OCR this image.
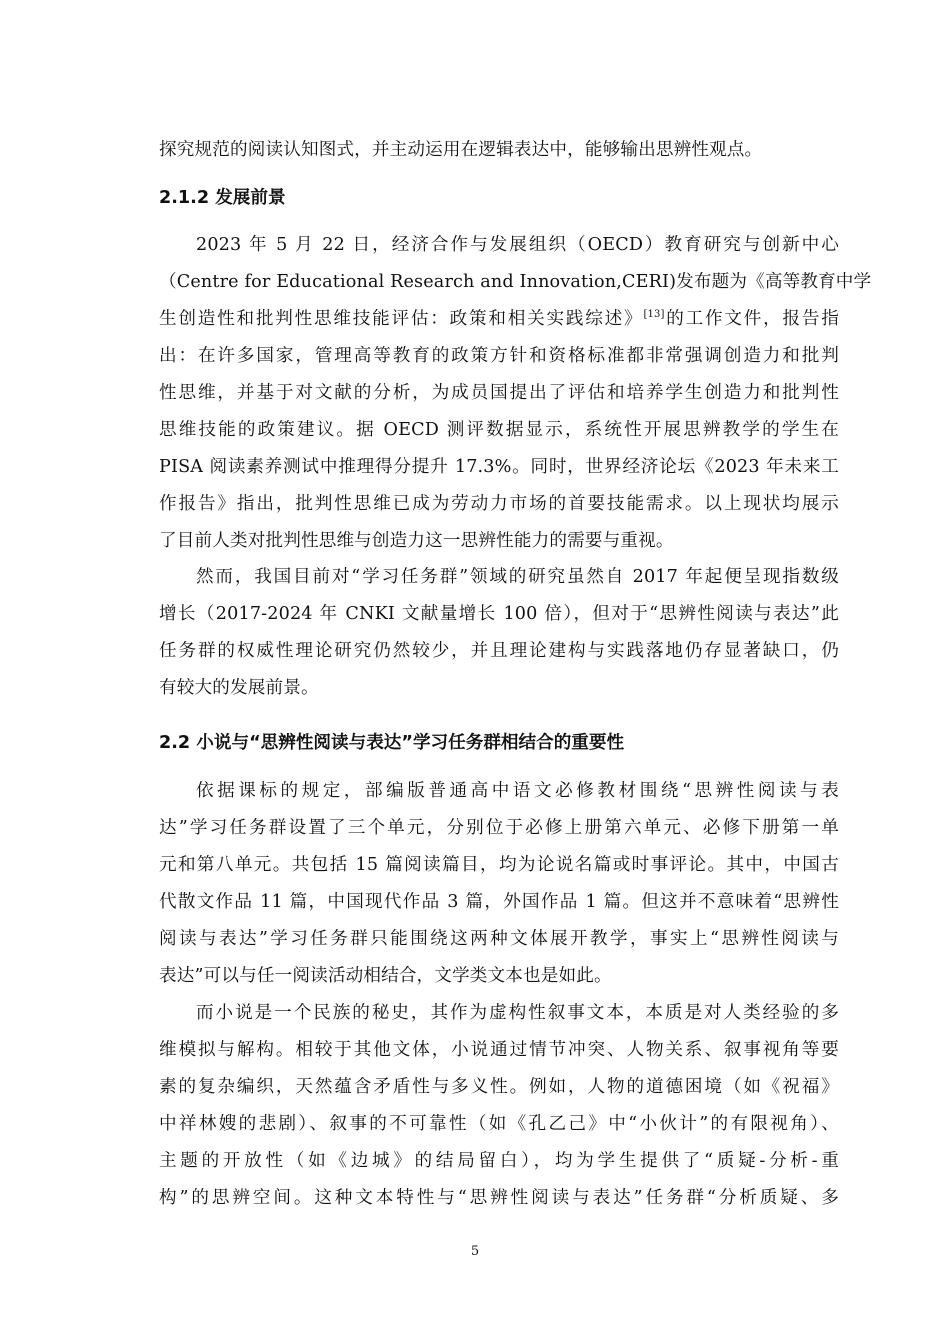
探究规范的阅读认知图式，并主动运用在逻辑表达中，能够输出思辨性观点。
2.1.2 发展前景
2023 年 5 月 22 日，经济合作与发展组织（OECD）教育研究与创新中心
（Centre for Educational Research and Innovation,CERI)发布题为《高等教育中学
生创造性和批判性思维技能评估：政策和相关实践综述》[13]的工作文件，报告指
出：在许多国家，管理高等教育的政策方针和资格标准都非常强调创造力和批判
性思维，并基于对文献的分析，为成员国提出了评估和培养学生创造力和批判性
思维技能的政策建议。据 OECD 测评数据显示，系统性开展思辨教学的学生在
PISA 阅读素养测试中推理得分提升 17.3%。同时，世界经济论坛《2023 年未来工
作报告》指出，批判性思维已成为劳动力市场的首要技能需求。以上现状均展示
了目前人类对批判性思维与创造力这一思辨性能力的需要与重视。
然而，我国目前对“学习任务群”领域的研究虽然自 2017 年起便呈现指数级
增长（2017-2024 年 CNKI 文献量增长 100 倍），但对于“思辨性阅读与表达”此
任务群的权威性理论研究仍然较少，并且理论建构与实践落地仍存显著缺口，仍
有较大的发展前景。
2.2 小说与“思辨性阅读与表达”学习任务群相结合的重要性
依据课标的规定，部编版普通高中语文必修教材围绕“思辨性阅读与表
达”学习任务群设置了三个单元，分别位于必修上册第六单元、必修下册第一单
元和第八单元。共包括 15 篇阅读篇目，均为论说名篇或时事评论。其中，中国古
代散文作品 11 篇，中国现代作品 3 篇，外国作品 1 篇。但这并不意味着“思辨性
阅读与表达”学习任务群只能围绕这两种文体展开教学，事实上“思辨性阅读与
表达”可以与任一阅读活动相结合，文学类文本也是如此。
而小说是一个民族的秘史，其作为虚构性叙事文本，本质是对人类经验的多
维模拟与解构。相较于其他文体，小说通过情节冲突、人物关系、叙事视角等要
素的复杂编织，天然蕴含矛盾性与多义性。例如，人物的道德困境（如《祝福》
中祥林嫂的悲剧）、叙事的不可靠性（如《孔乙己》中“小伙计”的有限视角）、
主题的开放性（如《边城》的结局留白），均为学生提供了“质疑-分析-重
构”的思辨空间。这种文本特性与“思辨性阅读与表达”任务群“分析质疑、多
5
